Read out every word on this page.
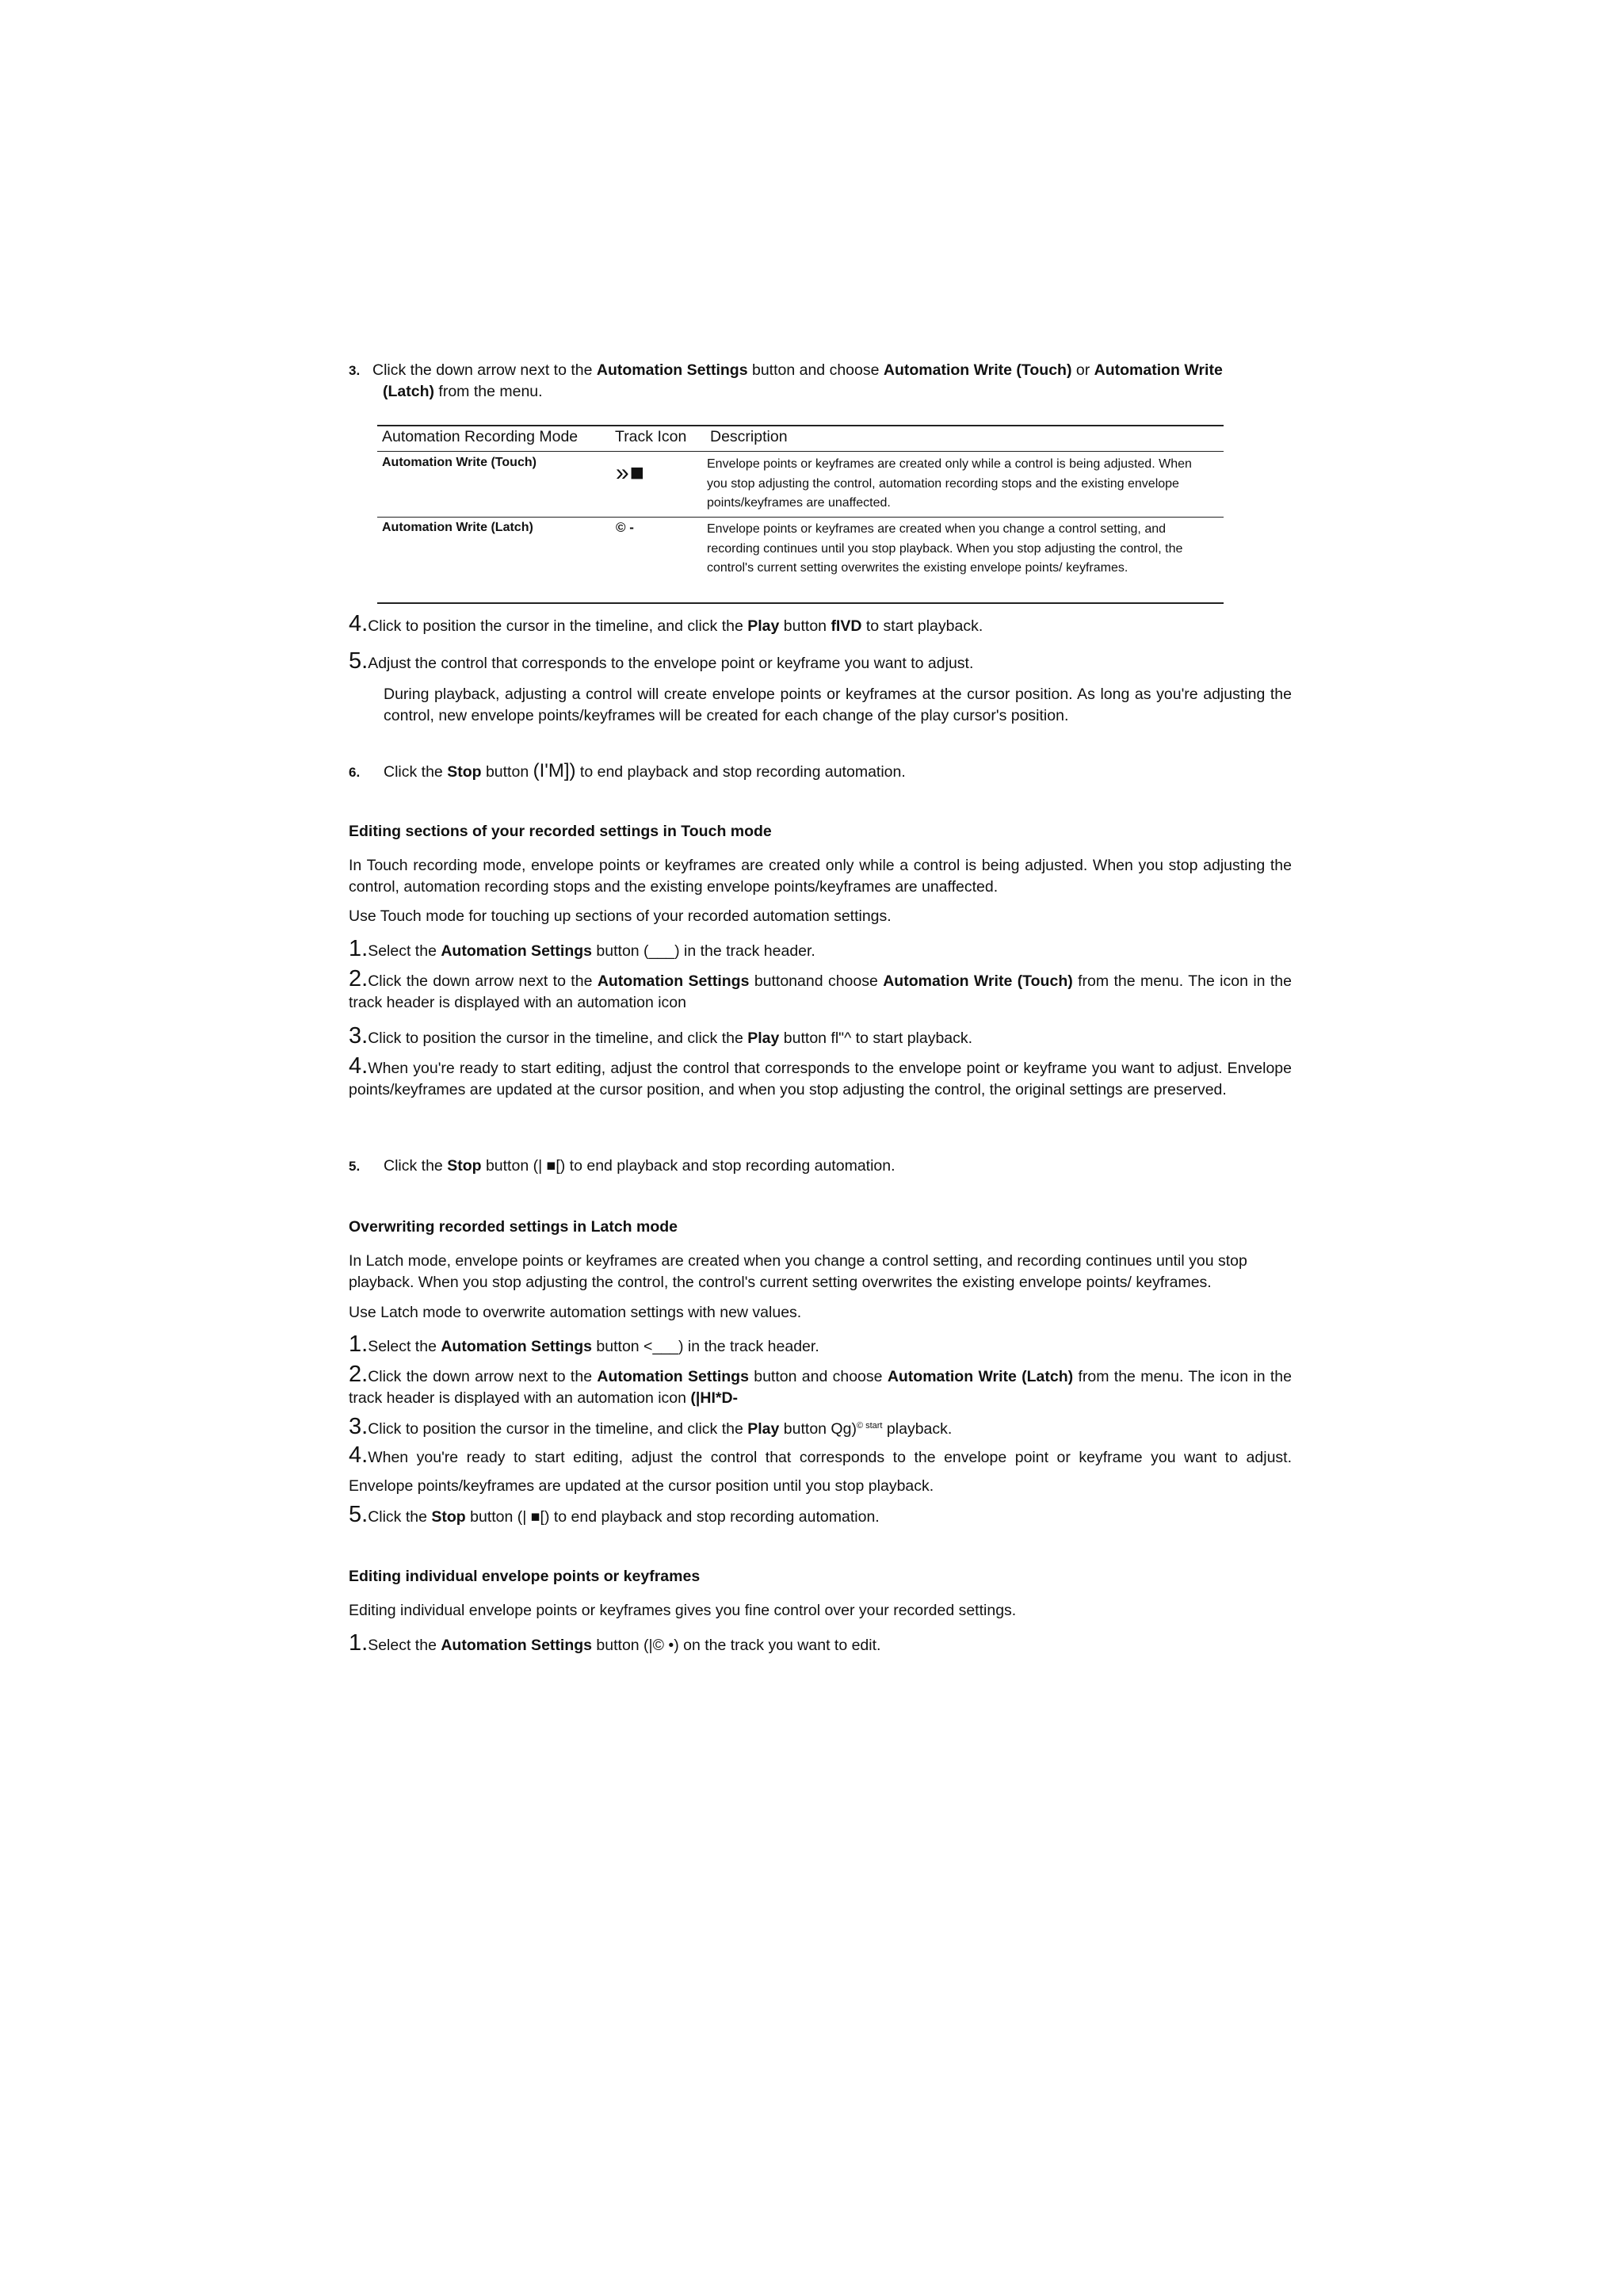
3. Click the down arrow next to the Automation Settings button and choose Automation Write (Touch) or Automation Write
(Latch) from the menu.

Automation Recording Mode Track Icon Description
Automation Write (Touch)	»■	Envelope points or keyframes are created only while a control is being adjusted. When you stop adjusting the control, automation recording stops and the existing envelope points/keyframes are unaffected.
Automation Write (Latch)	© -	Envelope points or keyframes are created when you change a control setting, and recording continues until you stop playback. When you stop adjusting the control, the control's current setting overwrites the existing envelope points/ keyframes.

4.Click to position the cursor in the timeline, and click the Play button fIVD to start playback.

5.Adjust the control that corresponds to the envelope point or keyframe you want to adjust.

During playback, adjusting a control will create envelope points or keyframes at the cursor position. As long as you're adjusting the control, new envelope points/keyframes will be created for each change of the play cursor's position.

6. Click the Stop button (I'M]) to end playback and stop recording automation.

Editing sections of your recorded settings in Touch mode

In Touch recording mode, envelope points or keyframes are created only while a control is being adjusted. When you stop adjusting the control, automation recording stops and the existing envelope points/keyframes are unaffected.

Use Touch mode for touching up sections of your recorded automation settings.

1.Select the Automation Settings button (___) in the track header.

2.Click the down arrow next to the Automation Settings buttonand choose Automation Write (Touch) from the menu. The icon in the track header is displayed with an automation icon

3.Click to position the cursor in the timeline, and click the Play button fl"^ to start playback.

4.When you're ready to start editing, adjust the control that corresponds to the envelope point or keyframe you want to adjust. Envelope points/keyframes are updated at the cursor position, and when you stop adjusting the control, the original settings are preserved.

5. Click the Stop button (| ■[) to end playback and stop recording automation.

Overwriting recorded settings in Latch mode

In Latch mode, envelope points or keyframes are created when you change a control setting, and recording continues until you stop playback. When you stop adjusting the control, the control's current setting overwrites the existing envelope points/ keyframes.

Use Latch mode to overwrite automation settings with new values.

1.Select the Automation Settings button <___) in the track header.

2.Click the down arrow next to the Automation Settings button and choose Automation Write (Latch) from the menu. The icon in the track header is displayed with an automation icon (|HI*D-

3.Click to position the cursor in the timeline, and click the Play button Qg)$^{© start}$ playback.

4.When you're ready to start editing, adjust the control that corresponds to the envelope point or keyframe you want to adjust.

Envelope points/keyframes are updated at the cursor position until you stop playback.

5.Click the Stop button (| ■[) to end playback and stop recording automation.

Editing individual envelope points or keyframes

Editing individual envelope points or keyframes gives you fine control over your recorded settings.

1.Select the Automation Settings button (|© •) on the track you want to edit.
